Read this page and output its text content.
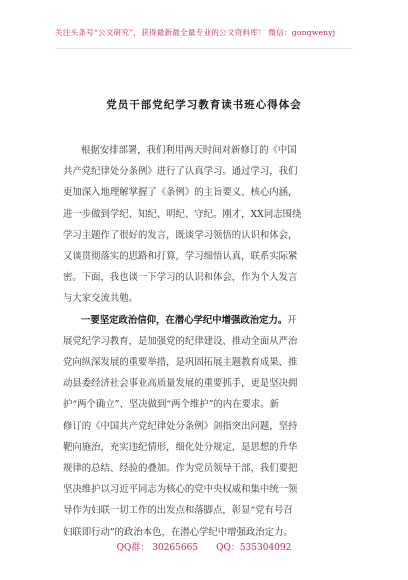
关注头条号“公文研究”，获得最新最全最专业的公文资料库！ 微信：gongwenyj
党员干部党纪学习教育读书班心得体会
根据安排部署，我们利用两天时间对新修订的《中国
共产党纪律处分条例》进行了认真学习。通过学习，我们
更加深入地理解掌握了《条例》的主旨要义、核心内涵，
进一步做到学纪、知纪、明纪、守纪。刚才，XX同志围绕
学习主题作了很好的发言，既谈学习领悟的认识和体会，
又谈贯彻落实的思路和打算，学习细悟认真，联系实际紧
密。下面，我也谈一下学习的认识和体会，作为个人发言
与大家交流共勉。
一要坚定政治信仰，在潜心学纪中增强政治定力。开
展党纪学习教育，是加强党的纪律建设、推动全面从严治
党向纵深发展的重要举措，是巩固拓展主题教育成果、推
动县委经济社会事业高质量发展的重要抓手，更是坚决拥
护“两个确立”、坚决做到“两个维护”的内在要求。新
修订的《中国共产党纪律处分条例》剑指突出问题，坚持
靶向施治，充实违纪情形，细化处分规定，是思想的升华
规律的总结、经验的叠加。作为党员领导干部，我们要把
坚决维护以习近平同志为核心的党中央权威和集中统一领
导作为妇联一切工作的出发点和落脚点，彰显“党有号召
妇联即行动”的政治本色，在潜心学纪中增强政治定力。
QQ群： 30265665 QQ：535304092
